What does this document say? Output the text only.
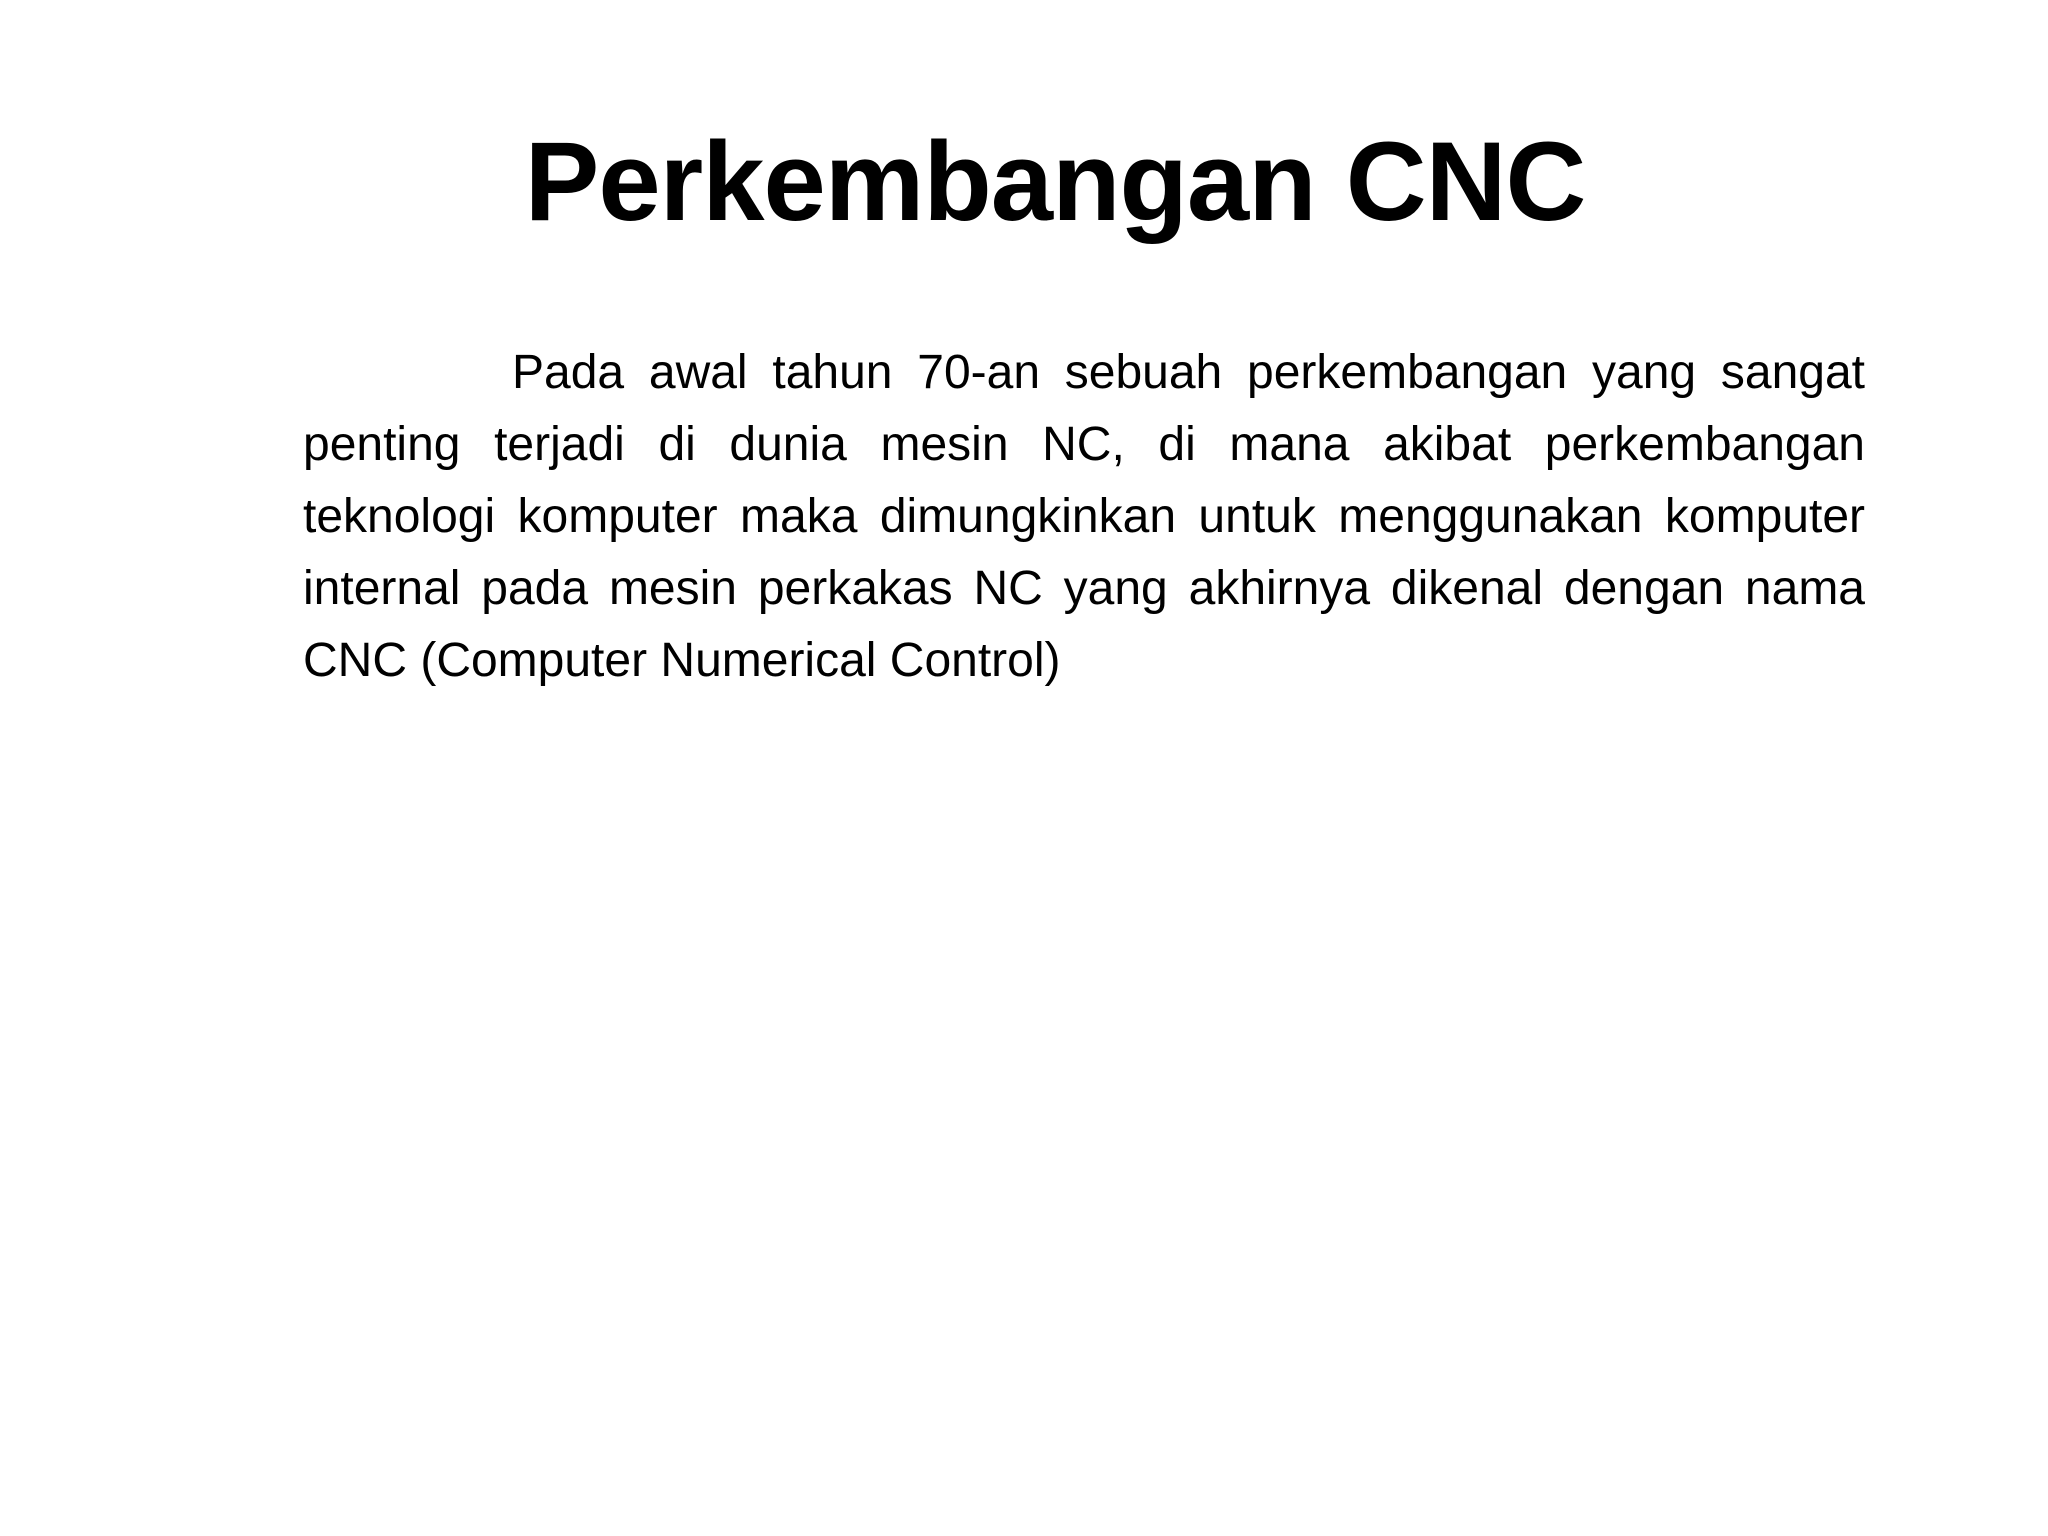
Perkembangan CNC

Pada awal tahun 70-an sebuah perkembangan yang sangat penting terjadi di dunia mesin NC, di mana akibat perkembangan teknologi komputer maka dimungkinkan untuk menggunakan komputer internal pada mesin perkakas NC yang akhirnya dikenal dengan nama CNC (Computer Numerical Control)
